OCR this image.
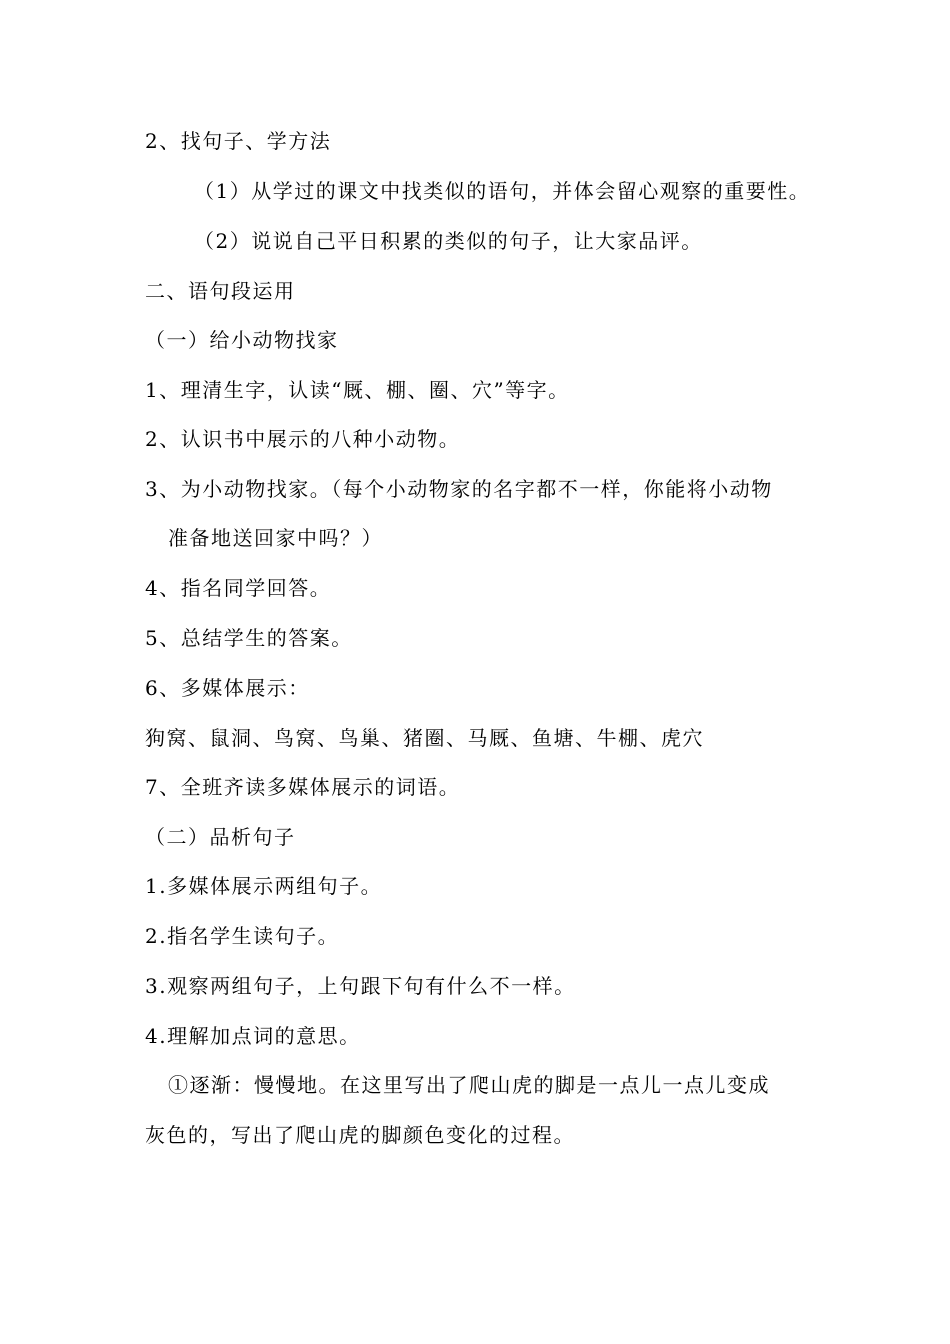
2、找句子、学方法
（1）从学过的课文中找类似的语句，并体会留心观察的重要性。
（2）说说自己平日积累的类似的句子，让大家品评。
二、语句段运用
（一）给小动物找家
1、理清生字，认读“厩、棚、圈、穴”等字。
2、认识书中展示的八种小动物。
3、为小动物找家。（每个小动物家的名字都不一样，你能将小动物
准备地送回家中吗？）
4、指名同学回答。
5、总结学生的答案。
6、多媒体展示：
狗窝、鼠洞、鸟窝、鸟巢、猪圈、马厩、鱼塘、牛棚、虎穴
7、全班齐读多媒体展示的词语。
（二）品析句子
1.多媒体展示两组句子。
2.指名学生读句子。
3.观察两组句子，上句跟下句有什么不一样。
4.理解加点词的意思。
①逐渐：慢慢地。在这里写出了爬山虎的脚是一点儿一点儿变成
灰色的，写出了爬山虎的脚颜色变化的过程。
